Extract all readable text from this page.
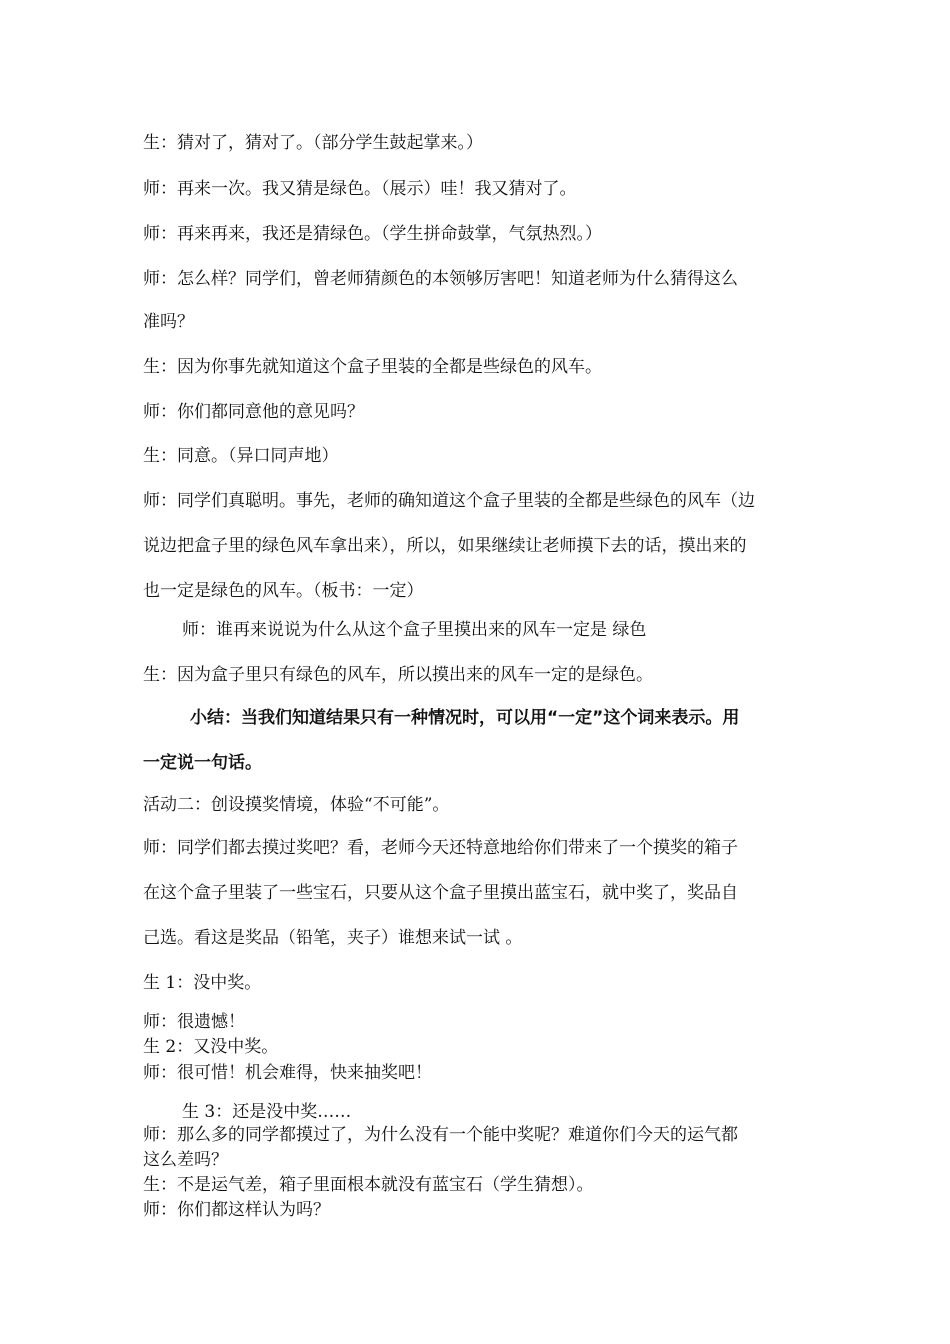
生：猜对了，猜对了。（部分学生鼓起掌来。）
师：再来一次。我又猜是绿色。（展示）哇！我又猜对了。
师：再来再来，我还是猜绿色。（学生拼命鼓掌，气氛热烈。）
师：怎么样？同学们，曾老师猜颜色的本领够厉害吧！知道老师为什么猜得这么
准吗？
生：因为你事先就知道这个盒子里装的全都是些绿色的风车。
师：你们都同意他的意见吗？
生：同意。（异口同声地）
师：同学们真聪明。事先，老师的确知道这个盒子里装的全都是些绿色的风车（边
说边把盒子里的绿色风车拿出来），所以，如果继续让老师摸下去的话，摸出来的
也一定是绿色的风车。（板书：一定）
师：谁再来说说为什么从这个盒子里摸出来的风车一定是 绿色
生：因为盒子里只有绿色的风车，所以摸出来的风车一定的是绿色。
小结：当我们知道结果只有一种情况时，可以用“一定”这个词来表示。用
一定说一句话。
活动二：创设摸奖情境，体验“不可能”。
师：同学们都去摸过奖吧？看，老师今天还特意地给你们带来了一个摸奖的箱子
在这个盒子里装了一些宝石，只要从这个盒子里摸出蓝宝石，就中奖了，奖品自
己选。看这是奖品（铅笔，夹子）谁想来试一试 。
生 1：没中奖。
师：很遗憾！
生 2：又没中奖。
师：很可惜！机会难得，快来抽奖吧！
生 3：还是没中奖……
师：那么多的同学都摸过了，为什么没有一个能中奖呢？难道你们今天的运气都
这么差吗？
生：不是运气差，箱子里面根本就没有蓝宝石（学生猜想）。
师：你们都这样认为吗？
